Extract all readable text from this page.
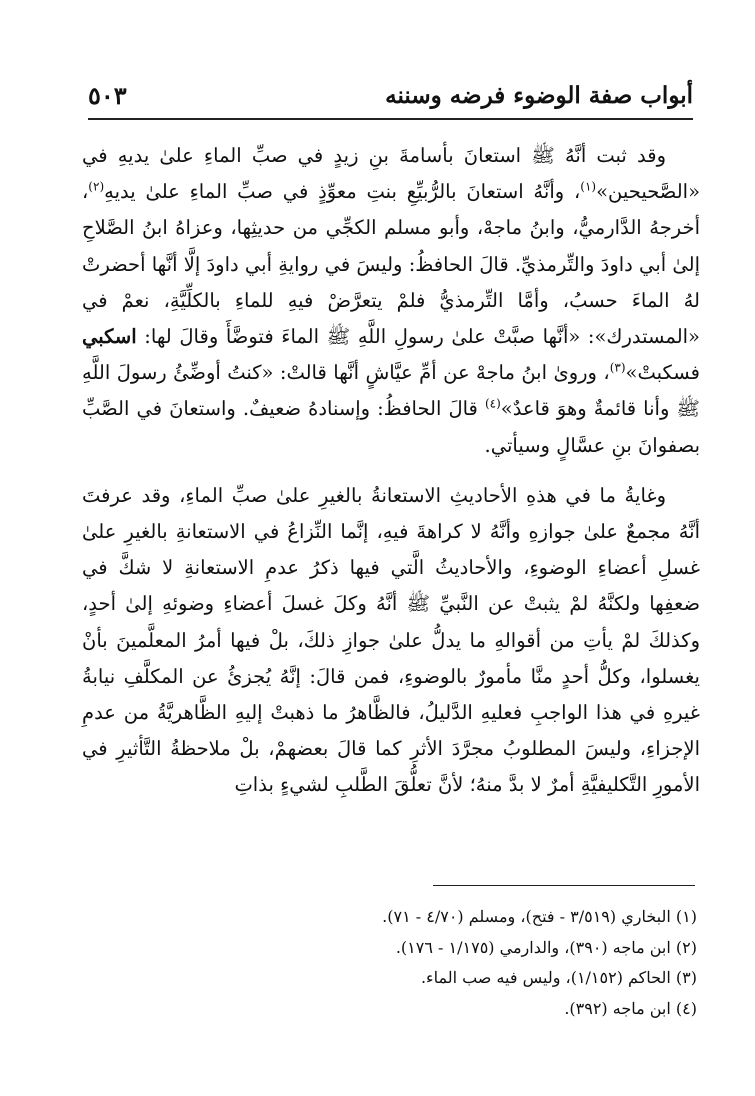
أبواب صفة الوضوء فرضه وسننه
٥٠٣

وقد ثبت أنَّهُ ﷺ استعانَ بأسامةَ بنِ زيدٍ في صبِّ الماءِ علىٰ يديهِ في «الصَّحيحين»$^{(١)}$، وأنَّهُ استعانَ بالرُّبيِّعِ بنتِ معوِّذٍ في صبِّ الماءِ علىٰ يديهِ$^{(٢)}$، أخرجهُ الدَّارميُّ، وابنُ ماجهْ، وأبو مسلم الكجِّي من حديثِها، وعزاهُ ابنُ الصَّلاحِ إلىٰ أبي داودَ والتِّرمذيِّ. قالَ الحافظُ: وليسَ في روايةِ أبي داودَ إلَّا أنَّها أحضرتْ لهُ الماءَ حسبُ، وأمَّا التِّرمذيُّ فلمْ يتعرَّضْ فيهِ للماءِ بالكلِّيَّةِ، نعمْ في «المستدرك»: «أنَّها صبَّتْ علىٰ رسولِ اللَّهِ ﷺ الماءَ فتوضَّأَ وقالَ لها: اسكبي فسكبتْ»$^{(٣)}$، وروىٰ ابنُ ماجهْ عن أمِّ عيَّاشٍ أنَّها قالتْ: «كنتُ أوضِّئُ رسولَ اللَّهِ ﷺ وأنا قائمةٌ وهوَ قاعدٌ»$^{(٤)}$ قالَ الحافظُ: وإسنادهُ ضعيفٌ. واستعانَ في الصَّبِّ بصفوانَ بنِ عسَّالٍ وسيأتي.

وغايةُ ما في هذهِ الأحاديثِ الاستعانةُ بالغيرِ علىٰ صبِّ الماءِ، وقد عرفتَ أنَّهُ مجمعٌ علىٰ جوازهِ وأنَّهُ لا كراهةَ فيهِ، إنَّما النِّزاعُ في الاستعانةِ بالغيرِ علىٰ غسلِ أعضاءِ الوضوءِ، والأحاديثُ الَّتي فيها ذكرُ عدمِ الاستعانةِ لا شكَّ في ضعفِها ولكنَّهُ لمْ يثبتْ عن النَّبيِّ ﷺ أنَّهُ وكلَ غسلَ أعضاءِ وضوئهِ إلىٰ أحدٍ، وكذلكَ لمْ يأتِ من أقوالهِ ما يدلُّ علىٰ جوازِ ذلكَ، بلْ فيها أمرُ المعلَّمينَ بأنْ يغسلوا، وكلُّ أحدٍ منَّا مأمورٌ بالوضوءِ، فمن قالَ: إنَّهُ يُجزئُ عن المكلَّفِ نيابةُ غيرهِ في هذا الواجبِ فعليهِ الدَّليلُ، فالظَّاهرُ ما ذهبتْ إليهِ الظَّاهريَّةُ من عدمِ الإجزاءِ، وليسَ المطلوبُ مجرَّدَ الأثرِ كما قالَ بعضهمْ، بلْ ملاحظةُ التَّأثيرِ في الأمورِ التَّكليفيَّةِ أمرٌ لا بدَّ منهُ؛ لأنَّ تعلُّقَ الطَّلبِ لشيءٍ بذاتِ

(١) البخاري (٣/٥١٩ - فتح)، ومسلم (٤/٧٠ - ٧١).

(٢) ابن ماجه (٣٩٠)، والدارمي (١/١٧٥ - ١٧٦).

(٣) الحاكم (١/١٥٢)، وليس فيه صب الماء.

(٤) ابن ماجه (٣٩٢).
